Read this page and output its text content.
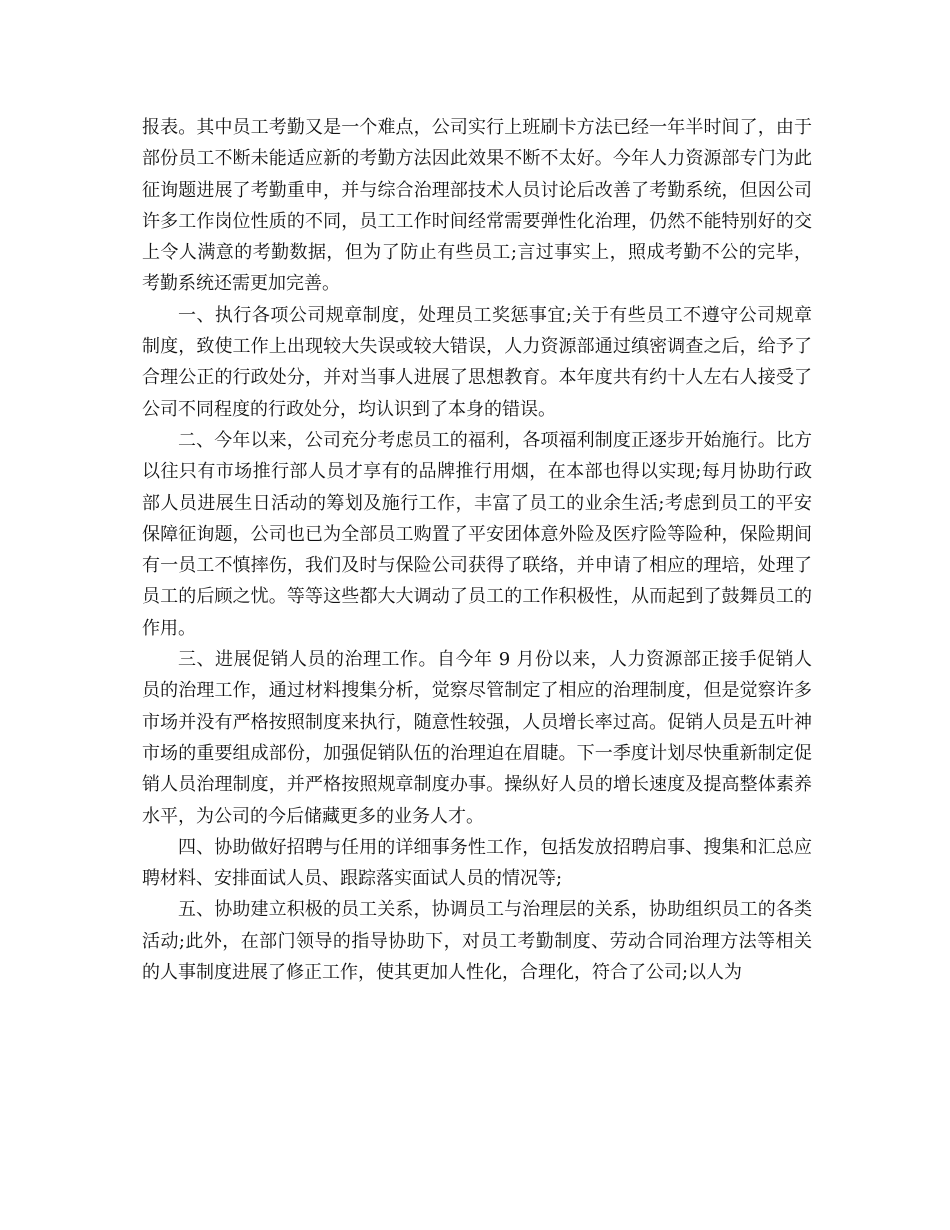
报表。其中员工考勤又是一个难点，公司实行上班刷卡方法已经一年半时间了，由于部份员工不断未能适应新的考勤方法因此效果不断不太好。今年人力资源部专门为此征询题进展了考勤重申，并与综合治理部技术人员讨论后改善了考勤系统，但因公司许多工作岗位性质的不同，员工工作时间经常需要弹性化治理，仍然不能特别好的交上令人满意的考勤数据，但为了防止有些员工;言过事实上，照成考勤不公的完毕，考勤系统还需更加完善。

一、执行各项公司规章制度，处理员工奖惩事宜;关于有些员工不遵守公司规章制度，致使工作上出现较大失误或较大错误，人力资源部通过缜密调查之后，给予了合理公正的行政处分，并对当事人进展了思想教育。本年度共有约十人左右人接受了公司不同程度的行政处分，均认识到了本身的错误。

二、今年以来，公司充分考虑员工的福利，各项福利制度正逐步开始施行。比方以往只有市场推行部人员才享有的品牌推行用烟，在本部也得以实现;每月协助行政部人员进展生日活动的筹划及施行工作，丰富了员工的业余生活;考虑到员工的平安保障征询题，公司也已为全部员工购置了平安团体意外险及医疗险等险种，保险期间有一员工不慎摔伤，我们及时与保险公司获得了联络，并申请了相应的理培，处理了员工的后顾之忧。等等这些都大大调动了员工的工作积极性，从而起到了鼓舞员工的作用。

三、进展促销人员的治理工作。自今年 9 月份以来，人力资源部正接手促销人员的治理工作，通过材料搜集分析，觉察尽管制定了相应的治理制度，但是觉察许多市场并没有严格按照制度来执行，随意性较强，人员增长率过高。促销人员是五叶神市场的重要组成部份，加强促销队伍的治理迫在眉睫。下一季度计划尽快重新制定促销人员治理制度，并严格按照规章制度办事。操纵好人员的增长速度及提高整体素养水平，为公司的今后储藏更多的业务人才。

四、协助做好招聘与任用的详细事务性工作，包括发放招聘启事、搜集和汇总应聘材料、安排面试人员、跟踪落实面试人员的情况等;

五、协助建立积极的员工关系，协调员工与治理层的关系，协助组织员工的各类活动;此外，在部门领导的指导协助下，对员工考勤制度、劳动合同治理方法等相关的人事制度进展了修正工作，使其更加人性化，合理化，符合了公司;以人为
